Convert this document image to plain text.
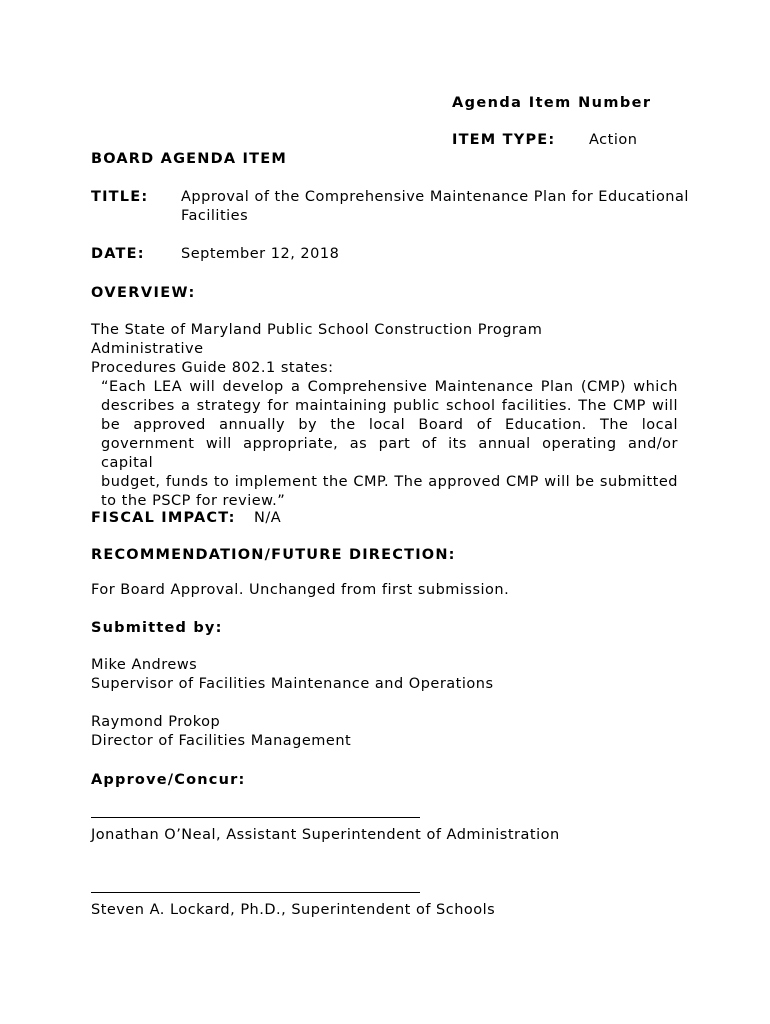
Agenda Item Number
ITEM TYPE: Action
BOARD AGENDA ITEM
TITLE: Approval of the Comprehensive Maintenance Plan for Educational
Facilities
DATE:	September 12, 2018
OVERVIEW:
The State of Maryland Public School Construction Program Administrative
Procedures Guide 802.1 states:
“Each LEA will develop a Comprehensive Maintenance Plan (CMP) which
describes a strategy for maintaining public school facilities. The CMP will
be approved annually by the local Board of Education. The local
government will appropriate, as part of its annual operating and/or capital
budget, funds to implement the CMP. The approved CMP will be submitted
to the PSCP for review.”
FISCAL IMPACT: N/A
RECOMMENDATION/FUTURE DIRECTION:
For Board Approval. Unchanged from first submission.
Submitted by:
Mike Andrews
Supervisor of Facilities Maintenance and Operations
Raymond Prokop
Director of Facilities Management
Approve/Concur:
Jonathan O’Neal, Assistant Superintendent of Administration
Steven A. Lockard, Ph.D., Superintendent of Schools
